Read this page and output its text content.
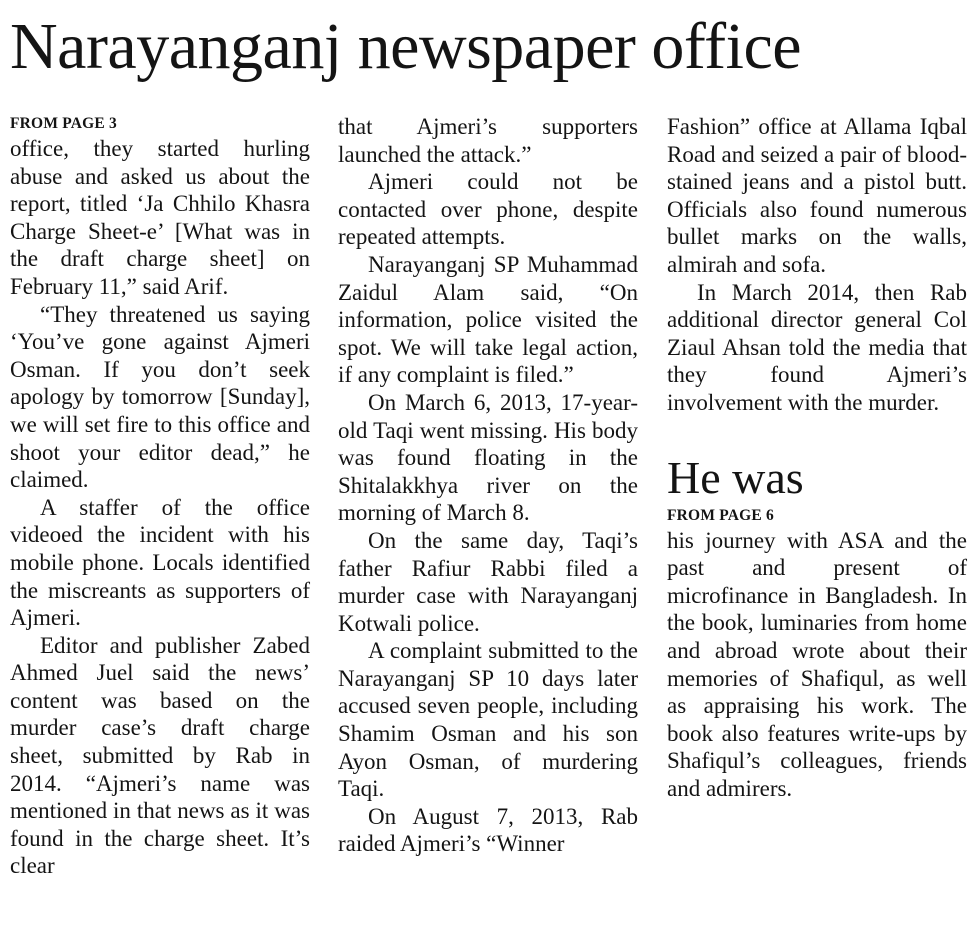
Narayanganj newspaper office
FROM PAGE 3

office, they started hurling abuse and asked us about the report, titled ‘Ja Chhilo Khasra Charge Sheet-e’ [What was in the draft charge sheet] on February 11,” said Arif.

“They threatened us saying ‘You’ve gone against Ajmeri Osman. If you don’t seek apology by tomorrow [Sunday], we will set fire to this office and shoot your editor dead,” he claimed.

A staffer of the office videoed the incident with his mobile phone. Locals identified the miscreants as supporters of Ajmeri.

Editor and publisher Zabed Ahmed Juel said the news’ content was based on the murder case’s draft charge sheet, submitted by Rab in 2014. “Ajmeri’s name was mentioned in that news as it was found in the charge sheet. It’s clear

that Ajmeri’s supporters launched the attack.”

Ajmeri could not be contacted over phone, despite repeated attempts.

Narayanganj SP Muhammad Zaidul Alam said, “On information, police visited the spot. We will take legal action, if any complaint is filed.”

On March 6, 2013, 17-year-old Taqi went missing. His body was found floating in the Shitalakkhya river on the morning of March 8.

On the same day, Taqi’s father Rafiur Rabbi filed a murder case with Narayanganj Kotwali police.

A complaint submitted to the Narayanganj SP 10 days later accused seven people, including Shamim Osman and his son Ayon Osman, of murdering Taqi.

On August 7, 2013, Rab raided Ajmeri’s “Winner

Fashion” office at Allama Iqbal Road and seized a pair of blood-stained jeans and a pistol butt. Officials also found numerous bullet marks on the walls, almirah and sofa.

In March 2014, then Rab additional director general Col Ziaul Ahsan told the media that they found Ajmeri’s involvement with the murder.

He was
FROM PAGE 6

his journey with ASA and the past and present of microfinance in Bangladesh. In the book, luminaries from home and abroad wrote about their memories of Shafiqul, as well as appraising his work. The book also features write-ups by Shafiqul’s colleagues, friends and admirers.
